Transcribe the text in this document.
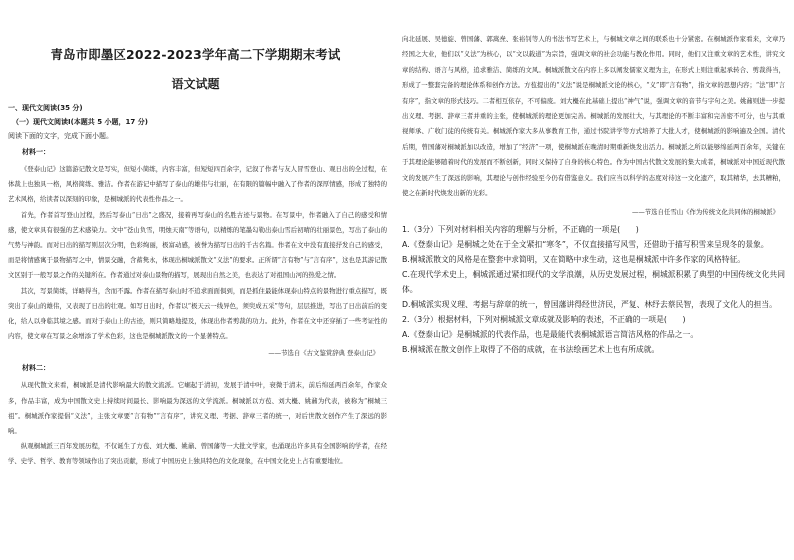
青岛市即墨区2022-2023学年高二下学期期末考试
语文试题
一、现代文阅读(35 分)
（一）现代文阅读Ⅰ(本题共 5 小题，17 分)
阅读下面的文字，完成下面小题。
材料一：

《登泰山记》这篇游记散文是写实，但短小简练，内容丰富，但短短四百余字，记叙了作者与友人冒雪登山、观日出的全过程，在体裁上也独具一格，风格简练、雅洁。作者在游记中描写了泰山的雄伟与壮丽，在有限的篇幅中融入了作者的深厚情感，形成了独特的艺术风格，给读者以深刻的印象，是桐城派的代表性作品之一。

首先，作者首写登山过程，然后写泰山“日出”之盛况，接着再写泰山的名胜古迹与景物。在写景中，作者融入了自己的感受和情感，使文章具有很强的艺术感染力。文中“苍山负雪，明烛天南”等语句，以精炼的笔墨勾勒出泰山雪后初晴的壮丽景色，写出了泰山的气势与神韵。而对日出的描写则层次分明，色彩绚丽，极富动感，被誉为描写日出的千古名篇。作者在文中没有直接抒发自己的感受，而是将情感寓于景物描写之中，情景交融，含蓄隽永，体现出桐城派散文“义法”的要求。正所谓“言有物”与“言有序”，这也是其游记散文区别于一般写景之作的关键所在。作者通过对泰山景物的描写，展现出自然之美，也表达了对祖国山河的热爱之情。

其次，写景简练，详略得当，含而不露。作者在描写泰山时不追求面面俱到，而是抓住最能体现泰山特点的景物进行重点描写，既突出了泰山的雄伟，又表现了日出的壮观。如写日出时，作者以“极天云一线异色，须臾成五采”等句，层层推进，写出了日出前后的变化，给人以身临其境之感。而对于泰山上的古迹，则只简略地提及，体现出作者剪裁的功力。此外，作者在文中还穿插了一些考证性的内容，使文章在写景之余增添了学术色彩，这也是桐城派散文的一个显著特点。

——节选自《古文鉴赏辞典 登泰山记》
材料二：

从现代散文来看，桐城派是清代影响最大的散文流派。它崛起于清初，发展于清中叶，衰微于清末，前后绵延两百余年，作家众多，作品丰富，成为中国散文史上持续时间最长、影响最为深远的文学流派。桐城派以方苞、刘大櫆、姚鼐为代表，被称为“桐城三祖”。桐城派作家提倡“义法”，主张文章要“言有物”“言有序”，讲究义理、考据、辞章三者的统一，对后世散文创作产生了深远的影响。

纵观桐城派三百年发展历程，不仅诞生了方苞、刘大櫆、姚鼐、曾国藩等一大批文学家，也涌现出许多具有全国影响的学者，在经学、史学、哲学、教育等领域作出了突出贡献，形成了中国历史上独具特色的文化现象，在中国文化史上占有重要地位。

向北延展、吴德旋、曾国藩、郭嵩焘、张裕钊等人的书法书写艺术上，与桐城文章之间的联系也十分紧密。在桐城派作家看来，文章乃经国之大业，他们以“义法”为核心，以“文以载道”为宗旨，强调文章的社会功能与教化作用。同时，他们又注重文章的艺术性，讲究文章的结构、语言与风格，追求雅洁、简练的文风。桐城派散文在内容上多以阐发儒家义理为主，在形式上则注重起承转合、剪裁得当，形成了一整套完备的理论体系和创作方法。方苞提出的“义法”说是桐城派文论的核心，“义”即“言有物”，指文章的思想内容；“法”即“言有序”，指文章的形式技巧。二者相互依存，不可偏废。刘大櫆在此基础上提出“神气”说，强调文章的音节与字句之美。姚鼐则进一步提出义理、考据、辞章三者并重的主张，使桐城派的理论更加完善。桐城派的发展壮大，与其理论的不断丰富和完善密不可分，也与其重视师承、广收门徒的传统有关。桐城派作家大多从事教育工作，通过书院讲学等方式培养了大批人才，使桐城派的影响遍及全国。清代后期，曾国藩对桐城派加以改造，增加了“经济”一项，使桐城派在晚清时期重新焕发出活力。桐城派之所以能够绵延两百余年，关键在于其理论能够随着时代的发展而不断创新，同时又保持了自身的核心特色。作为中国古代散文发展的集大成者，桐城派对中国近现代散文的发展产生了深远的影响，其理论与创作经验至今仍有借鉴意义。我们应当以科学的态度对待这一文化遗产，取其精华，去其糟粕，使之在新时代焕发出新的光彩。

——节选自任雪山《作为传统文化共同体的桐城派》

1.（3分）下列对材料相关内容的理解与分析，不正确的一项是(　　)

A.《登泰山记》是桐城之处在于全文紧扣“寒冬”，不仅直接描写风雪，还借助于描写积雪来呈现冬的景象。

B.桐城派散文的风格是在整套中求简明，又在简略中求生动，这也是桐城派中许多作家的风格特征。

C.在现代学术史上，桐城派通过紧扣现代的文学浪潮，从历史发展过程，桐城派积累了典型的中国传统文化共同体。

D.桐城派实现义理、考据与辞章的统一，曾国藩讲得经世济民，严复、林纾去蔡民智，表现了文化人的担当。

2.（3分）根据材料，下列对桐城派文章成就及影响的表述，不正确的一项是(　　)

A.《登泰山记》是桐城派的代表作品，也是最能代表桐城派语言简洁风格的作品之一。

B.桐城派在散文创作上取得了不俗的成就，在书法绘画艺术上也有所成就。
